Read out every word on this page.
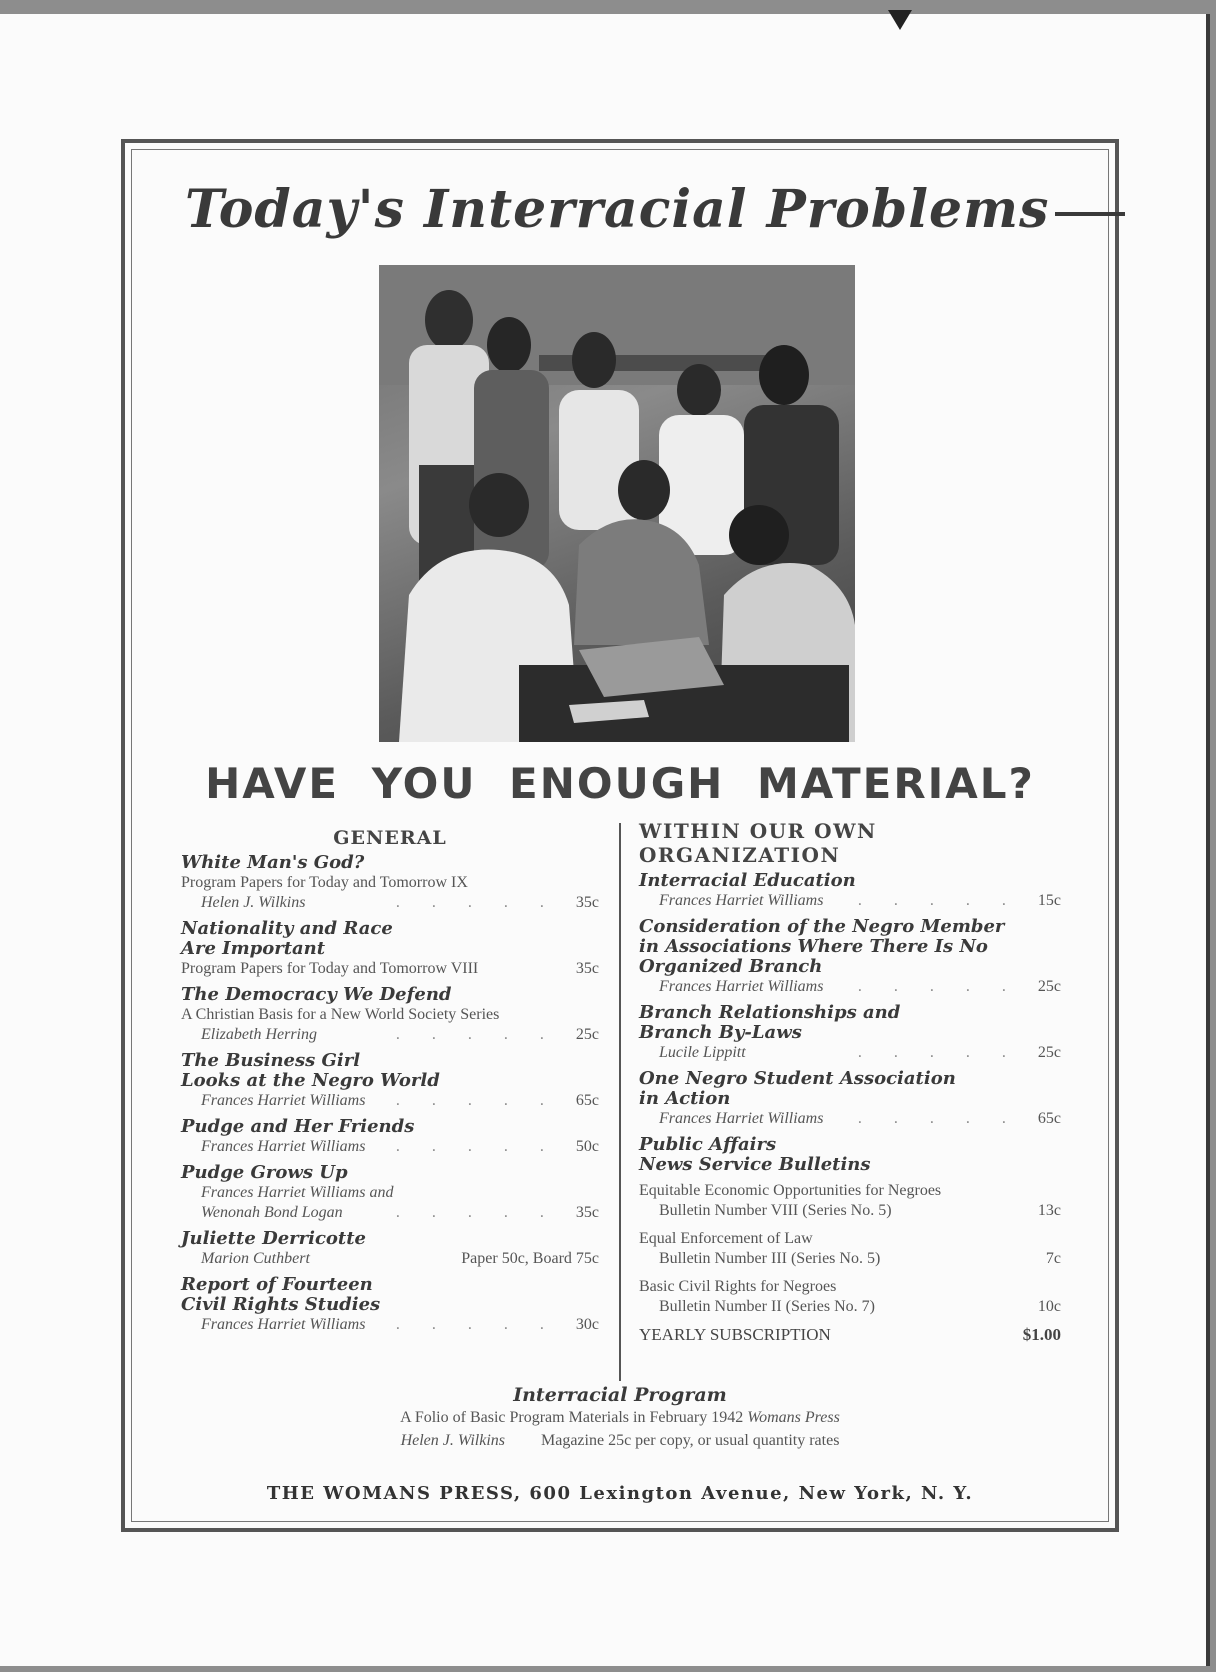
Today's Interracial Problems
HAVE YOU ENOUGH MATERIAL?
GENERAL
White Man's God?
Program Papers for Today and Tomorrow IX
Helen J. Wilkins	. . . . .	35c
Nationality and Race
Are Important
Program Papers for Today and Tomorrow VIII	35c
The Democracy We Defend
A Christian Basis for a New World Society Series
Elizabeth Herring	. . . . .	25c
The Business Girl
Looks at the Negro World
Frances Harriet Williams	. . . . .	65c
Pudge and Her Friends
Frances Harriet Williams	. . . . .	50c
Pudge Grows Up
Frances Harriet Williams and
Wenonah Bond Logan	. . . . .	35c
Juliette Derricotte
Marion Cuthbert	Paper 50c, Board 75c
Report of Fourteen
Civil Rights Studies
Frances Harriet Williams	. . . . .	30c
WITHIN OUR OWN ORGANIZATION
Interracial Education
Frances Harriet Williams	. . . . .	15c
Consideration of the Negro Member
in Associations Where There Is No
Organized Branch
Frances Harriet Williams	. . . . .	25c
Branch Relationships and
Branch By-Laws
Lucile Lippitt	. . . . .	25c
One Negro Student Association
in Action
Frances Harriet Williams	. . . . .	65c
Public Affairs
News Service Bulletins
Equitable Economic Opportunities for Negroes
Bulletin Number VIII (Series No. 5)	13c
Equal Enforcement of Law
Bulletin Number III (Series No. 5)	7c
Basic Civil Rights for Negroes
Bulletin Number II (Series No. 7)	10c
YEARLY SUBSCRIPTION	$1.00
Interracial Program
A Folio of Basic Program Materials in February 1942 Womans Press
Helen J. Wilkins Magazine 25c per copy, or usual quantity rates

THE WOMANS PRESS, 600 Lexington Avenue, New York, N. Y.
